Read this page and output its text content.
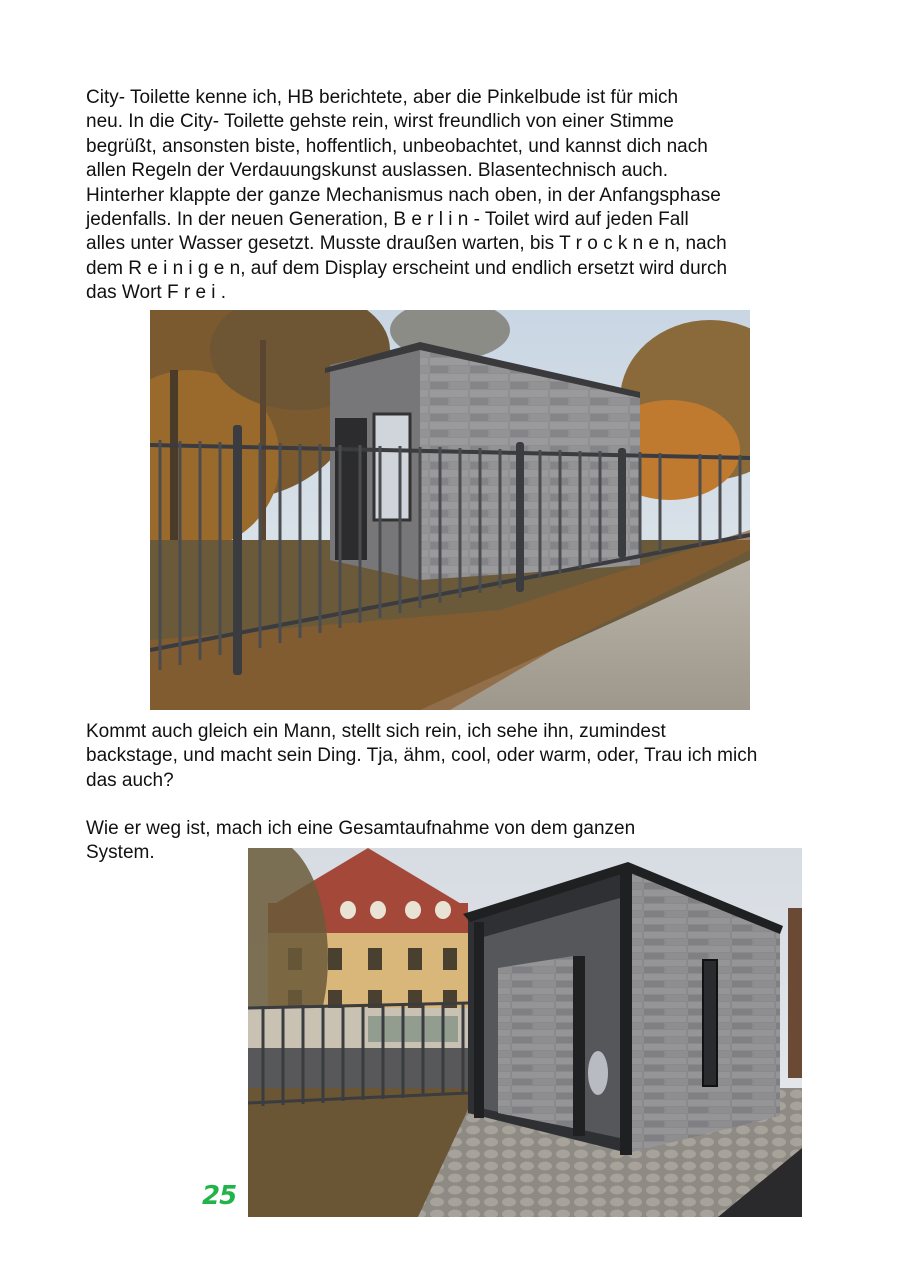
City- Toilette kenne ich, HB berichtete, aber die Pinkelbude ist für mich
neu. In die City- Toilette gehste rein, wirst freundlich von einer Stimme
begrüßt, ansonsten biste, hoffentlich, unbeobachtet, und kannst dich nach
allen Regeln der Verdauungskunst auslassen. Blasentechnisch auch.
Hinterher klappte der ganze Mechanismus nach oben, in der Anfangsphase
jedenfalls. In der neuen Generation, B e r l i n - Toilet wird auf jeden Fall
alles unter Wasser gesetzt. Musste draußen warten, bis T r o c k n e n, nach
dem R e i n i g e n, auf dem Display erscheint und endlich ersetzt wird durch
das Wort F r e i .

Kommt auch gleich ein Mann, stellt sich rein, ich sehe ihn, zumindest
backstage, und macht sein Ding. Tja, ähm, cool, oder warm, oder, Trau ich mich
das auch?

Wie er weg ist, mach ich eine Gesamtaufnahme von dem ganzen
System.

25
